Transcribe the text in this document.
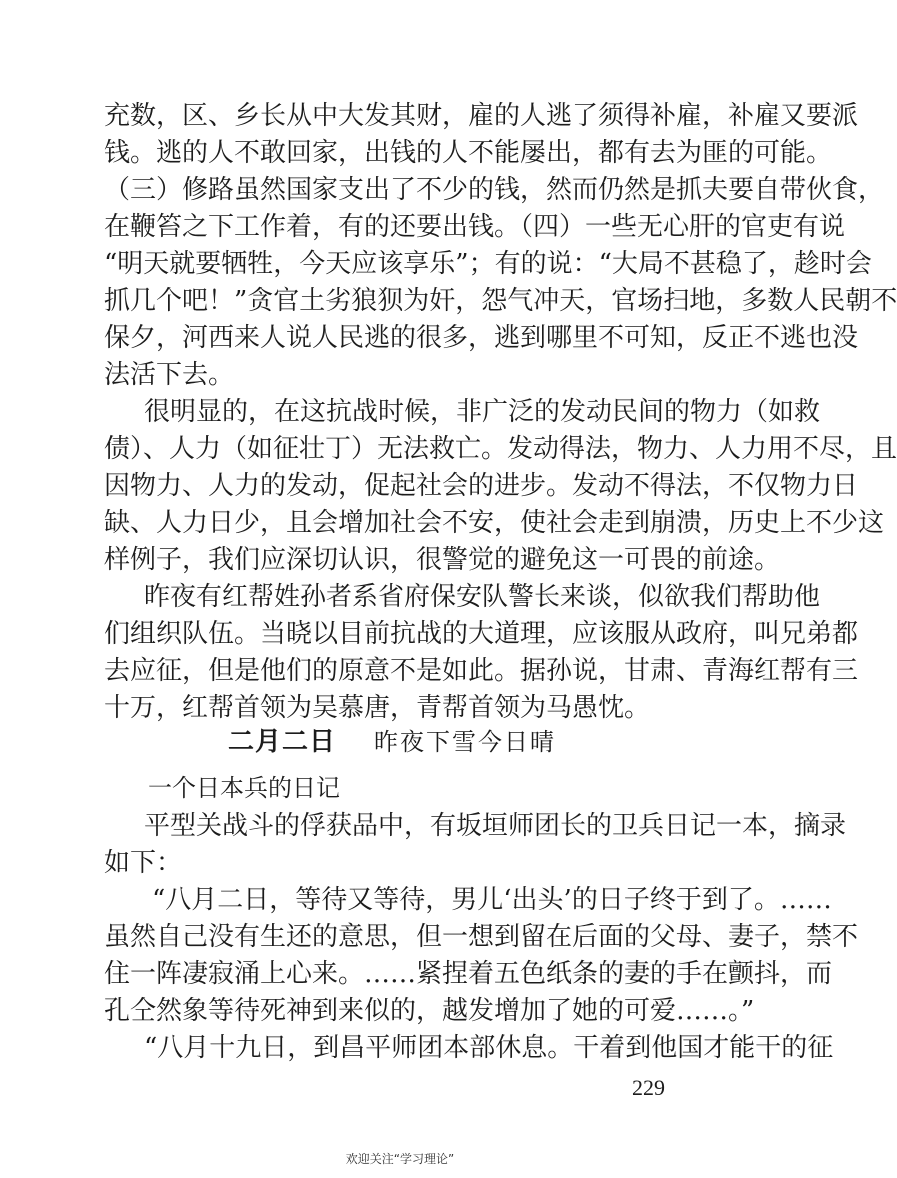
充数，区、乡长从中大发其财，雇的人逃了须得补雇，补雇又要派
钱。逃的人不敢回家，出钱的人不能屡出，都有去为匪的可能。
（三）修路虽然国家支出了不少的钱，然而仍然是抓夫要自带伙食，
在鞭笞之下工作着，有的还要出钱。（四）一些无心肝的官吏有说
“明天就要牺牲，今天应该享乐”；有的说：“大局不甚稳了，趁时会
抓几个吧！”贪官土劣狼狈为奸，怨气冲天，官场扫地，多数人民朝不
保夕，河西来人说人民逃的很多，逃到哪里不可知，反正不逃也没
法活下去。
很明显的，在这抗战时候，非广泛的发动民间的物力（如救
债）、人力（如征壮丁）无法救亡。发动得法，物力、人力用不尽，且
因物力、人力的发动，促起社会的进步。发动不得法，不仅物力日
缺、人力日少，且会增加社会不安，使社会走到崩溃，历史上不少这
样例子，我们应深切认识，很警觉的避免这一可畏的前途。
昨夜有红帮姓孙者系省府保安队警长来谈，似欲我们帮助他
们组织队伍。当晓以目前抗战的大道理，应该服从政府，叫兄弟都
去应征，但是他们的原意不是如此。据孙说，甘肃、青海红帮有三
十万，红帮首领为吴慕唐，青帮首领为马愚忱。
二月二日 昨夜下雪今日晴
一个日本兵的日记
平型关战斗的俘获品中，有坂垣师团长的卫兵日记一本，摘录
如下：
“八月二日，等待又等待，男儿‘出头’的日子终于到了。……
虽然自己没有生还的意思，但一想到留在后面的父母、妻子，禁不
住一阵凄寂涌上心来。……紧捏着五色纸条的妻的手在颤抖，而
孔仝然象等待死神到来似的，越发增加了她的可爱……。”
“八月十九日，到昌平师团本部休息。干着到他国才能干的征
229
欢迎关注“学习理论”
